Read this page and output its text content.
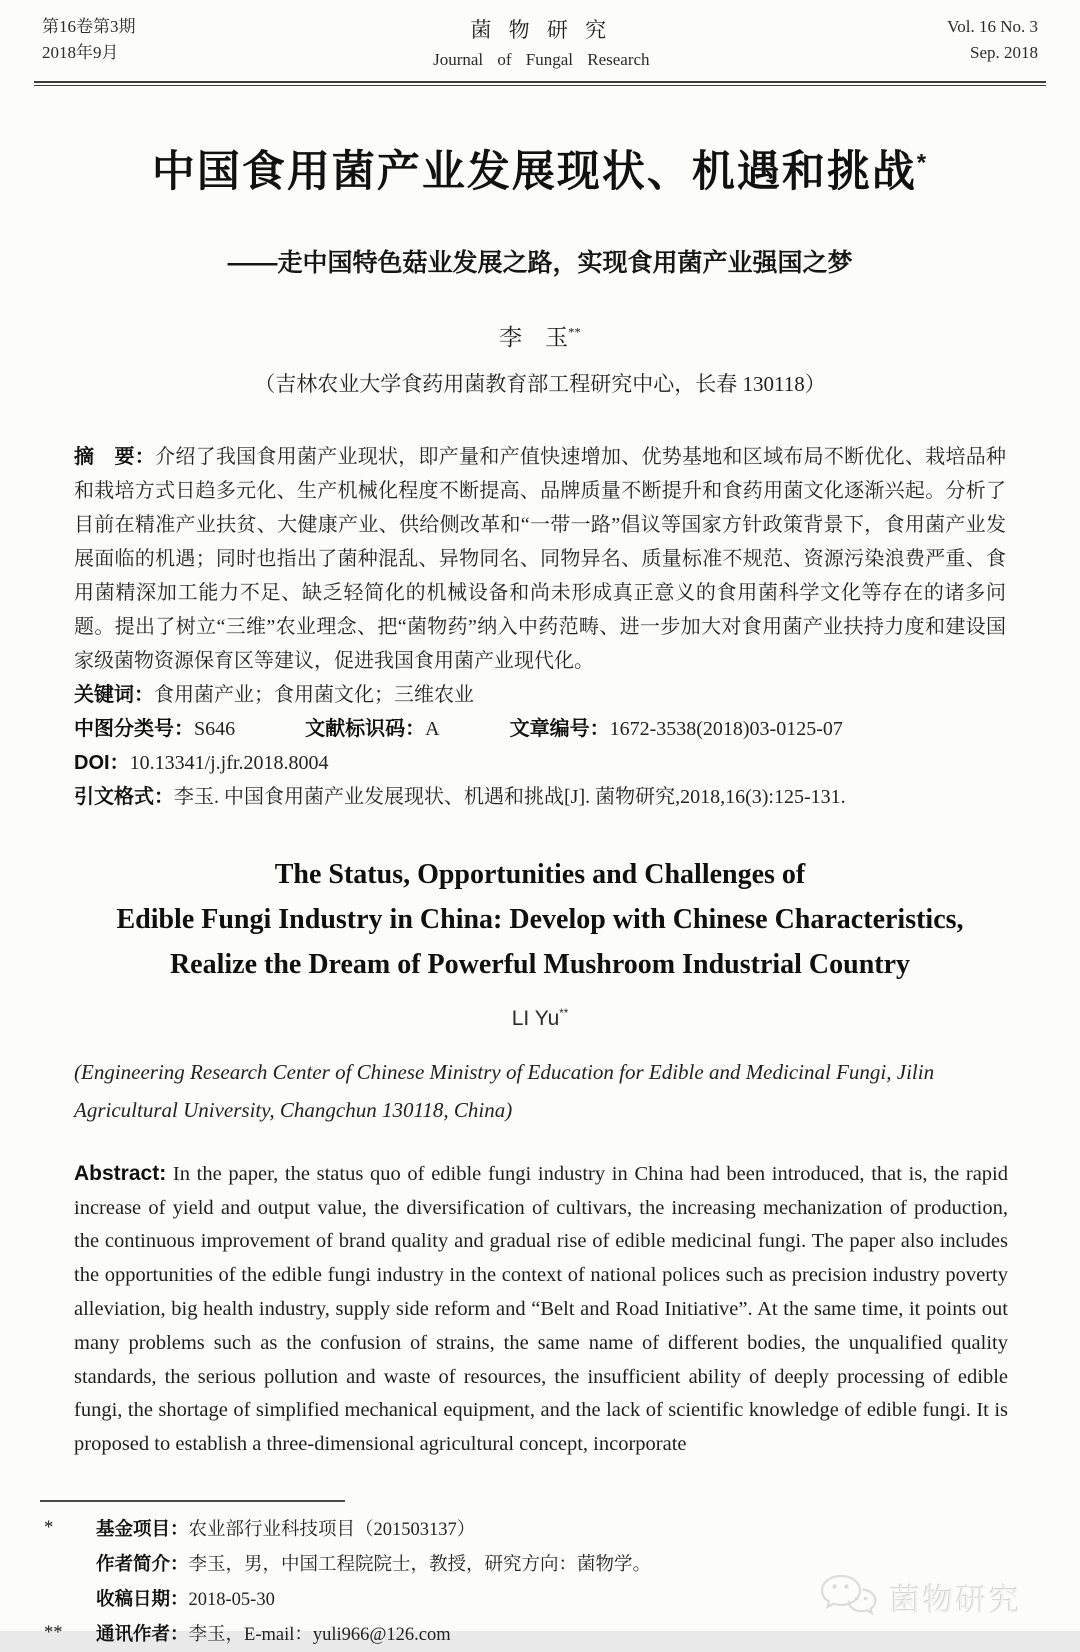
第16卷第3期
2018年9月
菌 物 研 究
Journal of Fungal Research
Vol. 16 No. 3
Sep. 2018
中国食用菌产业发展现状、机遇和挑战*
——走中国特色菇业发展之路，实现食用菌产业强国之梦
李　玉**
（吉林农业大学食药用菌教育部工程研究中心，长春 130118）

摘　要：介绍了我国食用菌产业现状，即产量和产值快速增加、优势基地和区域布局不断优化、栽培品种和栽培方式日趋多元化、生产机械化程度不断提高、品牌质量不断提升和食药用菌文化逐渐兴起。分析了目前在精准产业扶贫、大健康产业、供给侧改革和“一带一路”倡议等国家方针政策背景下，食用菌产业发展面临的机遇；同时也指出了菌种混乱、异物同名、同物异名、质量标准不规范、资源污染浪费严重、食用菌精深加工能力不足、缺乏轻简化的机械设备和尚未形成真正意义的食用菌科学文化等存在的诸多问题。提出了树立“三维”农业理念、把“菌物药”纳入中药范畴、进一步加大对食用菌产业扶持力度和建设国家级菌物资源保育区等建议，促进我国食用菌产业现代化。

关键词：食用菌产业；食用菌文化；三维农业

中图分类号：S646	文献标识码：A	文章编号：1672-3538(2018)03-0125-07

DOI：10.13341/j.jfr.2018.8004

引文格式：李玉. 中国食用菌产业发展现状、机遇和挑战[J]. 菌物研究,2018,16(3):125-131.

The Status, Opportunities and Challenges of
Edible Fungi Industry in China: Develop with Chinese Characteristics,
Realize the Dream of Powerful Mushroom Industrial Country
LI Yu**
(Engineering Research Center of Chinese Ministry of Education for Edible and Medicinal Fungi, Jilin Agricultural University, Changchun 130118, China)

Abstract: In the paper, the status quo of edible fungi industry in China had been introduced, that is, the rapid increase of yield and output value, the diversification of cultivars, the increasing mechanization of production, the continuous improvement of brand quality and gradual rise of edible medicinal fungi. The paper also includes the opportunities of the edible fungi industry in the context of national polices such as precision industry poverty alleviation, big health industry, supply side reform and “Belt and Road Initiative”. At the same time, it points out many problems such as the confusion of strains, the same name of different bodies, the unqualified quality standards, the serious pollution and waste of resources, the insufficient ability of deeply processing of edible fungi, the shortage of simplified mechanical equipment, and the lack of scientific knowledge of edible fungi. It is proposed to establish a three-dimensional agricultural concept, incorporate

*	基金项目：农业部行业科技项目（201503137）
作者简介：李玉，男，中国工程院院士，教授，研究方向：菌物学。
收稿日期：2018-05-30
**	通讯作者：李玉，E-mail：yuli966@126.com
菌物研究
